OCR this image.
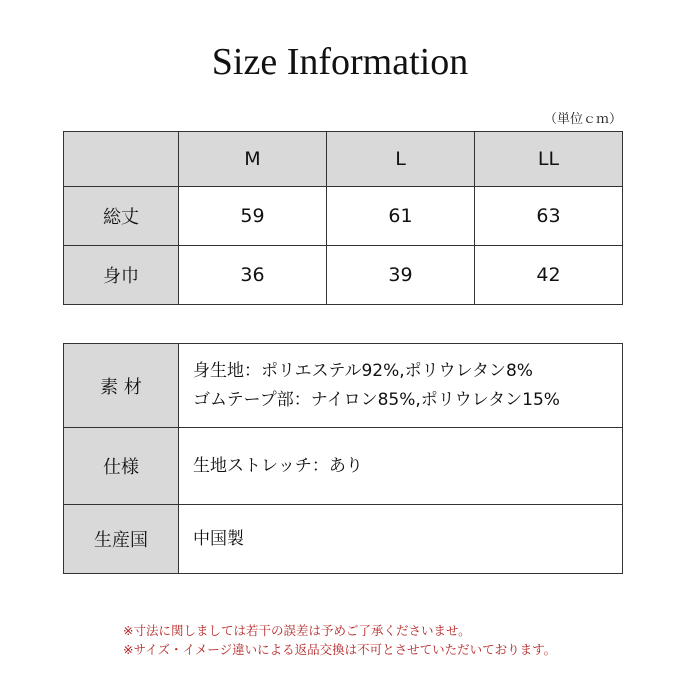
Size Information
（単位ｃｍ）
	M	L	LL
総丈	59	61	63
身巾	36	39	42
素 材	身生地：ポリエステル92%,ポリウレタン8%
ゴムテープ部：ナイロン85%,ポリウレタン15%

仕様	生地ストレッチ：あり
生産国	中国製
※寸法に関しましては若干の誤差は予めご了承くださいませ。
※サイズ・イメージ違いによる返品交換は不可とさせていただいております。
